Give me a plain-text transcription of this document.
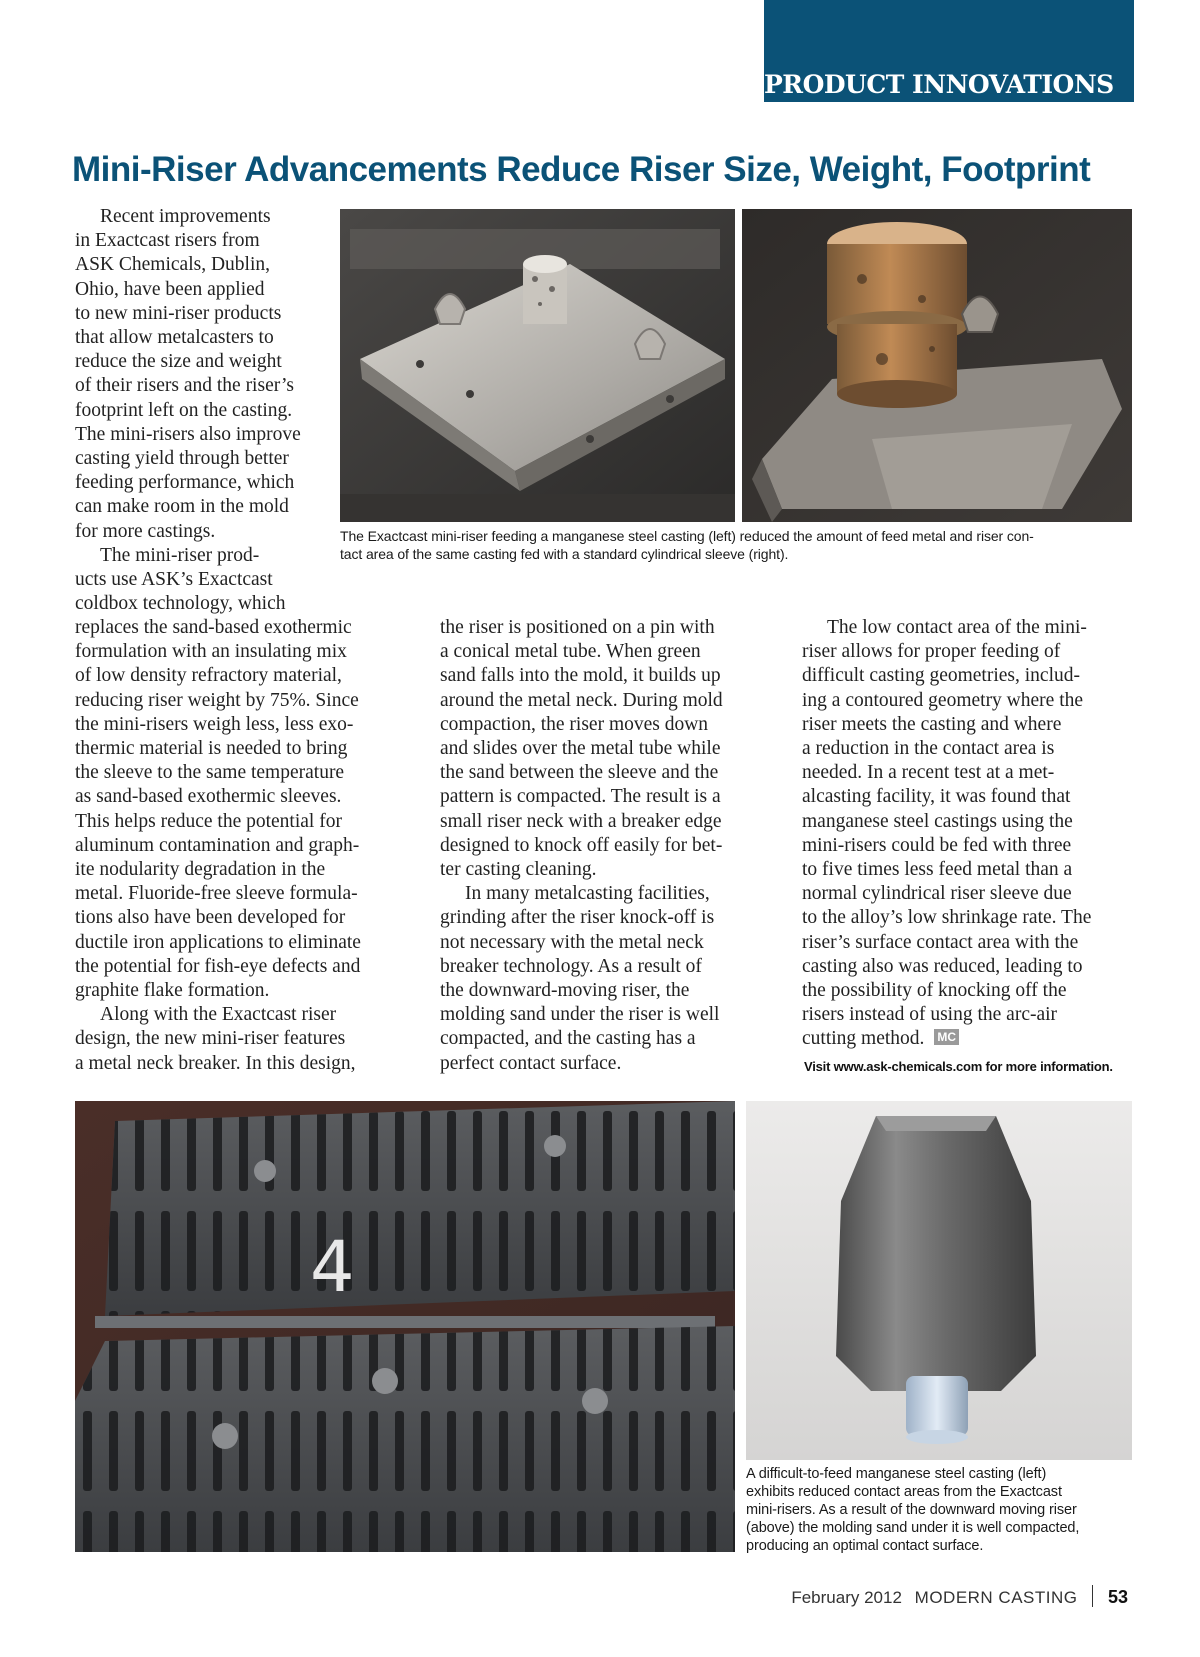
PRODUCT INNOVATIONS
Mini-Riser Advancements Reduce Riser Size, Weight, Footprint
Recent improvements
in Exactcast risers from
ASK Chemicals, Dublin,
Ohio, have been applied
to new mini-riser products
that allow metalcasters to
reduce the size and weight
of their risers and the riser’s
footprint left on the casting.
The mini-risers also improve
casting yield through better
feeding performance, which
can make room in the mold
for more castings.
The mini-riser prod-
ucts use ASK’s Exactcast
coldbox technology, which
replaces the sand-based exothermic
formulation with an insulating mix
of low density refractory material,
reducing riser weight by 75%. Since
the mini-risers weigh less, less exo-
thermic material is needed to bring
the sleeve to the same temperature
as sand-based exothermic sleeves.
This helps reduce the potential for
aluminum contamination and graph-
ite nodularity degradation in the
metal. Fluoride-free sleeve formula-
tions also have been developed for
ductile iron applications to eliminate
the potential for fish-eye defects and
graphite flake formation.
Along with the Exactcast riser
design, the new mini-riser features
a metal neck breaker. In this design,
the riser is positioned on a pin with
a conical metal tube. When green
sand falls into the mold, it builds up
around the metal neck. During mold
compaction, the riser moves down
and slides over the metal tube while
the sand between the sleeve and the
pattern is compacted. The result is a
small riser neck with a breaker edge
designed to knock off easily for bet-
ter casting cleaning.
In many metalcasting facilities,
grinding after the riser knock-off is
not necessary with the metal neck
breaker technology. As a result of
the downward-moving riser, the
molding sand under the riser is well
compacted, and the casting has a
perfect contact surface.
The low contact area of the mini-
riser allows for proper feeding of
difficult casting geometries, includ-
ing a contoured geometry where the
riser meets the casting and where
a reduction in the contact area is
needed. In a recent test at a met-
alcasting facility, it was found that
manganese steel castings using the
mini-risers could be fed with three
to five times less feed metal than a
normal cylindrical riser sleeve due
to the alloy’s low shrinkage rate. The
riser’s surface contact area with the
casting also was reduced, leading to
the possibility of knocking off the
risers instead of using the arc-air
cutting method. MC
Visit www.ask-chemicals.com for more information.
The Exactcast mini-riser feeding a manganese steel casting (left) reduced the amount of feed metal and riser con-
tact area of the same casting fed with a standard cylindrical sleeve (right).
4
A difficult-to-feed manganese steel casting (left)
exhibits reduced contact areas from the Exactcast
mini-risers. As a result of the downward moving riser
(above) the molding sand under it is well compacted,
producing an optimal contact surface.
February 2012 MODERN CASTING 53
